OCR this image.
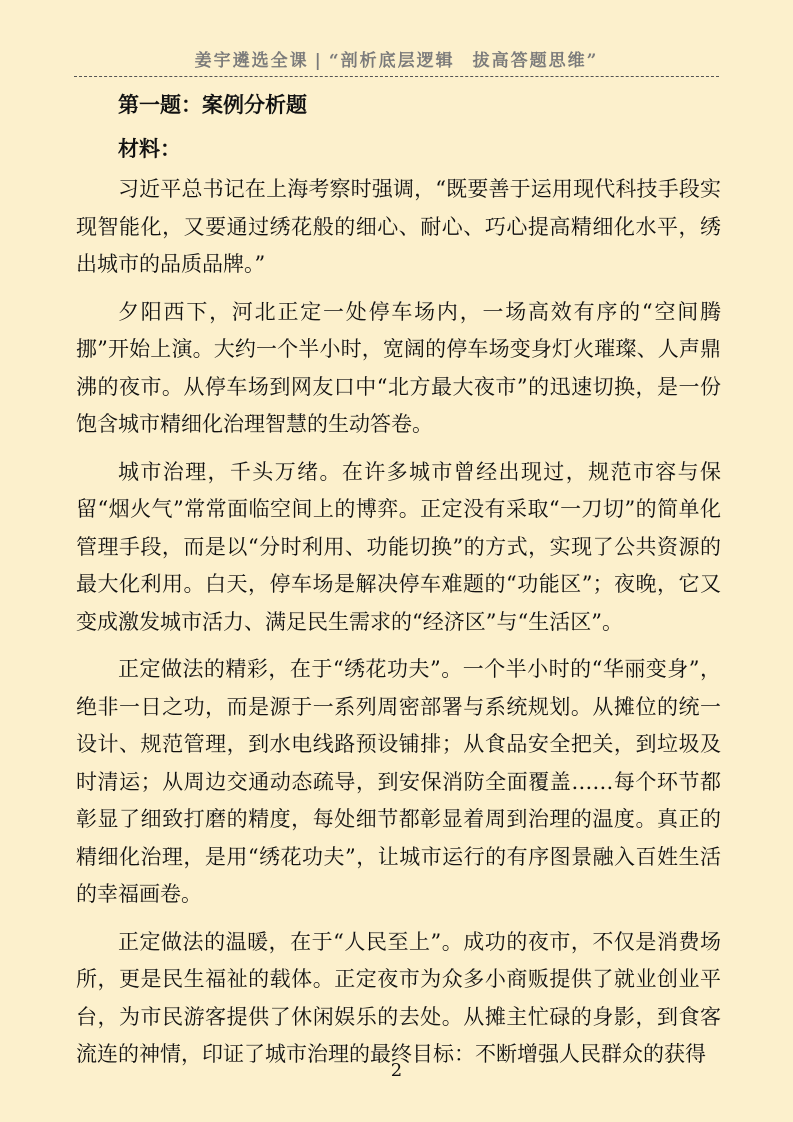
姜宇遴选全课 | “剖析底层逻辑 拔高答题思维”

第一题：案例分析题

材料：

习近平总书记在上海考察时强调，“既要善于运用现代科技手段实现智能化，又要通过绣花般的细心、耐心、巧心提高精细化水平，绣出城市的品质品牌。”

夕阳西下，河北正定一处停车场内，一场高效有序的“空间腾挪”开始上演。大约一个半小时，宽阔的停车场变身灯火璀璨、人声鼎沸的夜市。从停车场到网友口中“北方最大夜市”的迅速切换，是一份饱含城市精细化治理智慧的生动答卷。

城市治理，千头万绪。在许多城市曾经出现过，规范市容与保留“烟火气”常常面临空间上的博弈。正定没有采取“一刀切”的简单化管理手段，而是以“分时利用、功能切换”的方式，实现了公共资源的最大化利用。白天，停车场是解决停车难题的“功能区”；夜晚，它又变成激发城市活力、满足民生需求的“经济区”与“生活区”。

正定做法的精彩，在于“绣花功夫”。一个半小时的“华丽变身”，绝非一日之功，而是源于一系列周密部署与系统规划。从摊位的统一设计、规范管理，到水电线路预设铺排；从食品安全把关，到垃圾及时清运；从周边交通动态疏导，到安保消防全面覆盖……每个环节都彰显了细致打磨的精度，每处细节都彰显着周到治理的温度。真正的精细化治理，是用“绣花功夫”，让城市运行的有序图景融入百姓生活的幸福画卷。

正定做法的温暖，在于“人民至上”。成功的夜市，不仅是消费场所，更是民生福祉的载体。正定夜市为众多小商贩提供了就业创业平台，为市民游客提供了休闲娱乐的去处。从摊主忙碌的身影，到食客流连的神情，印证了城市治理的最终目标：不断增强人民群众的获得

2
